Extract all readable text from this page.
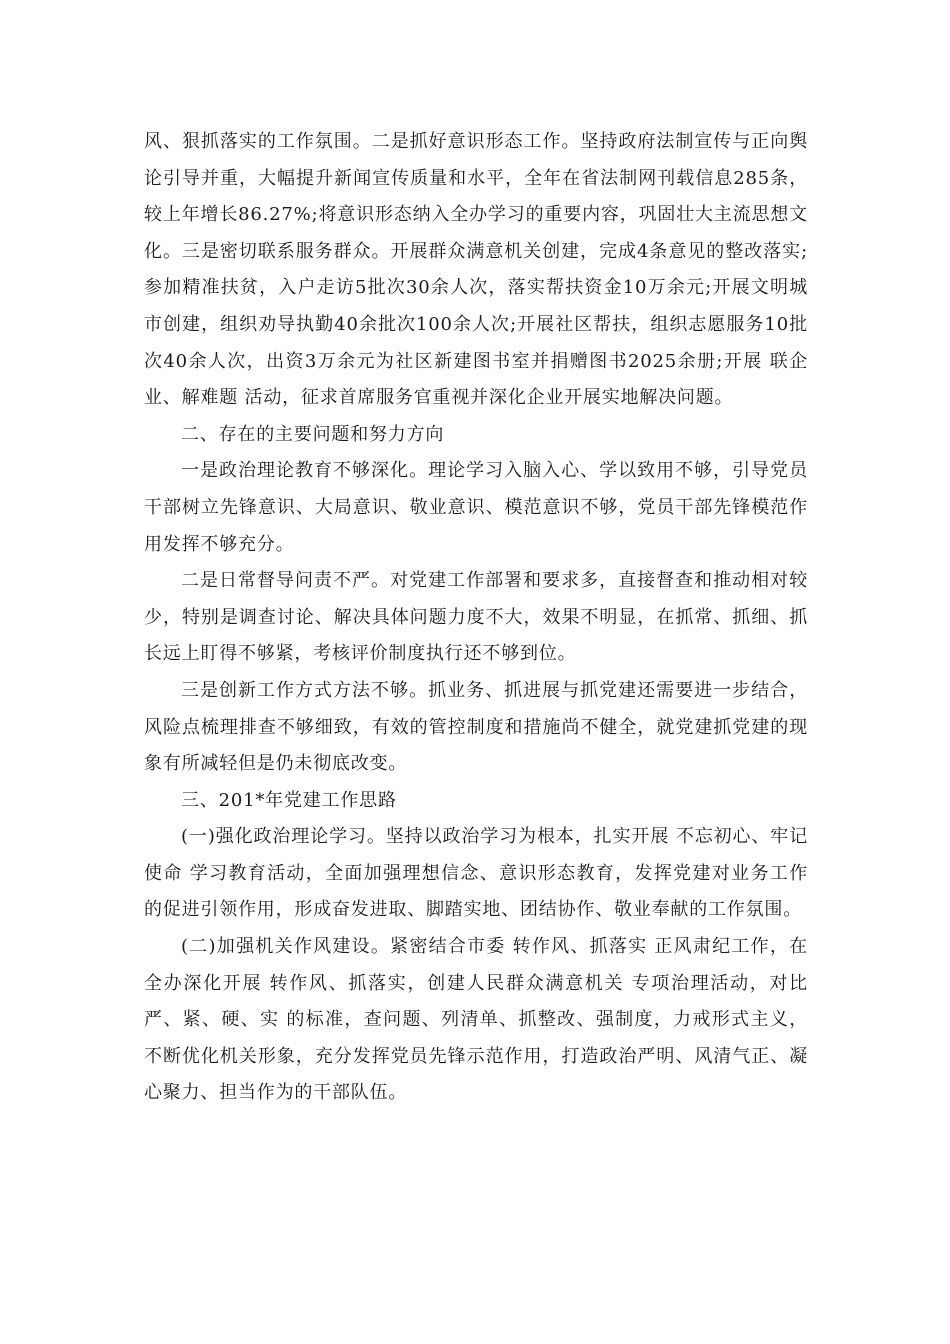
风、狠抓落实的工作氛围。二是抓好意识形态工作。坚持政府法制宣传与正向舆论引导并重，大幅提升新闻宣传质量和水平，全年在省法制网刊载信息285条，较上年增长86.27%;将意识形态纳入全办学习的重要内容，巩固壮大主流思想文化。三是密切联系服务群众。开展群众满意机关创建，完成4条意见的整改落实;参加精准扶贫，入户走访5批次30余人次，落实帮扶资金10万余元;开展文明城市创建，组织劝导执勤40余批次100余人次;开展社区帮扶，组织志愿服务10批次40余人次，出资3万余元为社区新建图书室并捐赠图书2025余册;开展 联企业、解难题 活动，征求首席服务官重视并深化企业开展实地解决问题。

二、存在的主要问题和努力方向

一是政治理论教育不够深化。理论学习入脑入心、学以致用不够，引导党员干部树立先锋意识、大局意识、敬业意识、模范意识不够，党员干部先锋模范作用发挥不够充分。

二是日常督导问责不严。对党建工作部署和要求多，直接督查和推动相对较少，特别是调查讨论、解决具体问题力度不大，效果不明显，在抓常、抓细、抓长远上盯得不够紧，考核评价制度执行还不够到位。

三是创新工作方式方法不够。抓业务、抓进展与抓党建还需要进一步结合，风险点梳理排查不够细致，有效的管控制度和措施尚不健全，就党建抓党建的现象有所减轻但是仍未彻底改变。

三、201*年党建工作思路

(一)强化政治理论学习。坚持以政治学习为根本，扎实开展 不忘初心、牢记使命 学习教育活动，全面加强理想信念、意识形态教育，发挥党建对业务工作的促进引领作用，形成奋发进取、脚踏实地、团结协作、敬业奉献的工作氛围。

(二)加强机关作风建设。紧密结合市委 转作风、抓落实 正风肃纪工作，在全办深化开展 转作风、抓落实，创建人民群众满意机关 专项治理活动，对比严、紧、硬、实 的标准，查问题、列清单、抓整改、强制度，力戒形式主义，不断优化机关形象，充分发挥党员先锋示范作用，打造政治严明、风清气正、凝心聚力、担当作为的干部队伍。
